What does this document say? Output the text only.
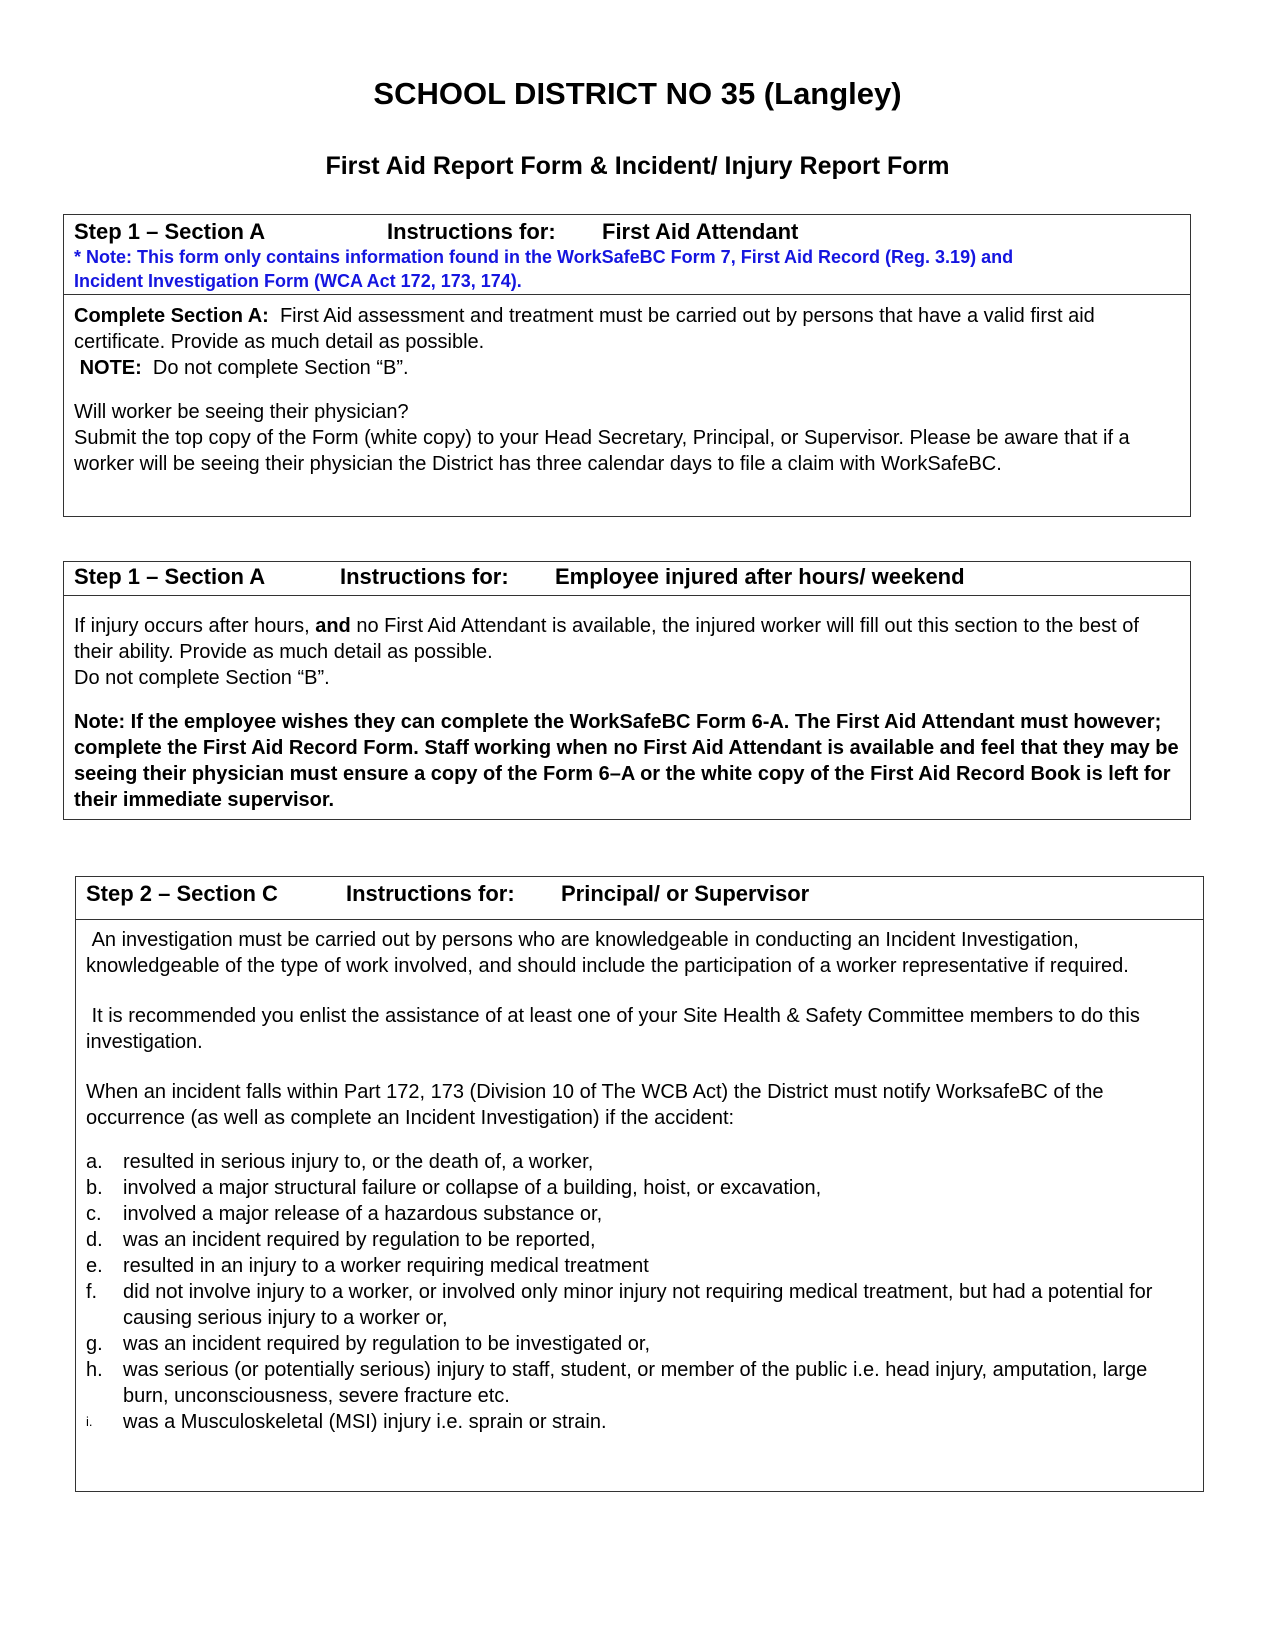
SCHOOL DISTRICT NO 35 (Langley)
First Aid Report Form & Incident/ Injury Report Form
Step 1 – Section A	Instructions for: First Aid Attendant
* Note: This form only contains information found in the WorkSafeBC Form 7, First Aid Record (Reg. 3.19) and
Incident Investigation Form (WCA Act 172, 173, 174).

Complete Section A: First Aid assessment and treatment must be carried out by persons that have a valid first aid certificate. Provide as much detail as possible.

NOTE: Do not complete Section “B”.

Will worker be seeing their physician?

Submit the top copy of the Form (white copy) to your Head Secretary, Principal, or Supervisor. Please be aware that if a worker will be seeing their physician the District has three calendar days to file a claim with WorkSafeBC.

Step 1 – Section A	Instructions for: Employee injured after hours/ weekend

If injury occurs after hours, and no First Aid Attendant is available, the injured worker will fill out this section to the best of their ability. Provide as much detail as possible.

Do not complete Section “B”.

Note: If the employee wishes they can complete the WorkSafeBC Form 6-A. The First Aid Attendant must however; complete the First Aid Record Form. Staff working when no First Aid Attendant is available and feel that they may be seeing their physician must ensure a copy of the Form 6–A or the white copy of the First Aid Record Book is left for their immediate supervisor.

Step 2 – Section C	Instructions for: Principal/ or Supervisor

An investigation must be carried out by persons who are knowledgeable in conducting an Incident Investigation, knowledgeable of the type of work involved, and should include the participation of a worker representative if required.

It is recommended you enlist the assistance of at least one of your Site Health & Safety Committee members to do this investigation.

When an incident falls within Part 172, 173 (Division 10 of The WCB Act) the District must notify WorksafeBC of the occurrence (as well as complete an Incident Investigation) if the accident:

a. resulted in serious injury to, or the death of, a worker,
b. involved a major structural failure or collapse of a building, hoist, or excavation,
c. involved a major release of a hazardous substance or,
d. was an incident required by regulation to be reported,
e. resulted in an injury to a worker requiring medical treatment
f. did not involve injury to a worker, or involved only minor injury not requiring medical treatment, but had a potential for causing serious injury to a worker or,
g. was an incident required by regulation to be investigated or,
h. was serious (or potentially serious) injury to staff, student, or member of the public i.e. head injury, amputation, large burn, unconsciousness, severe fracture etc.
i. was a Musculoskeletal (MSI) injury i.e. sprain or strain.
